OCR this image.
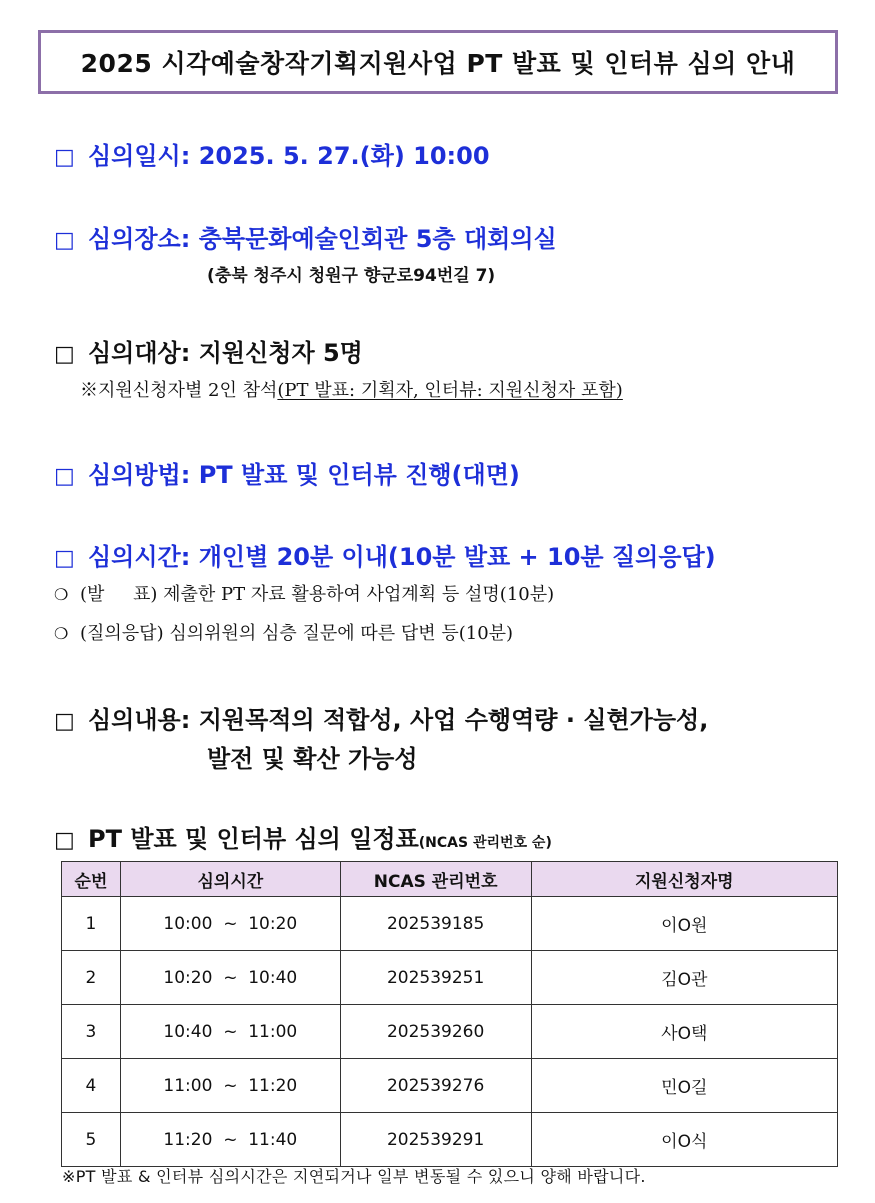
2025 시각예술창작기획지원사업 PT 발표 및 인터뷰 심의 안내
□ 심의일시: 2025. 5. 27.(화) 10:00
□ 심의장소: 충북문화예술인회관 5층 대회의실
(충북 청주시 청원구 향군로94번길 7)
□ 심의대상: 지원신청자 5명
※지원신청자별 2인 참석(PT 발표: 기획자, 인터뷰: 지원신청자 포함)
□ 심의방법: PT 발표 및 인터뷰 진행(대면)
□ 심의시간: 개인별 20분 이내(10분 발표 + 10분 질의응답)
❍ (발     표) 제출한 PT 자료 활용하여 사업계획 등 설명(10분)
❍ (질의응답) 심의위원의 심층 질문에 따른 답변 등(10분)
□ 심의내용: 지원목적의 적합성, 사업 수행역량 · 실현가능성,
발전 및 확산 가능성
□ PT 발표 및 인터뷰 심의 일정표(NCAS 관리번호 순)
순번	심의시간	NCAS 관리번호	지원신청자명
1	10:00  ~  10:20	202539185	이O원
2	10:20  ~  10:40	202539251	김O관
3	10:40  ~  11:00	202539260	사O택
4	11:00  ~  11:20	202539276	민O길
5	11:20  ~  11:40	202539291	이O식
※PT 발표 & 인터뷰 심의시간은 지연되거나 일부 변동될 수 있으니 양해 바랍니다.
